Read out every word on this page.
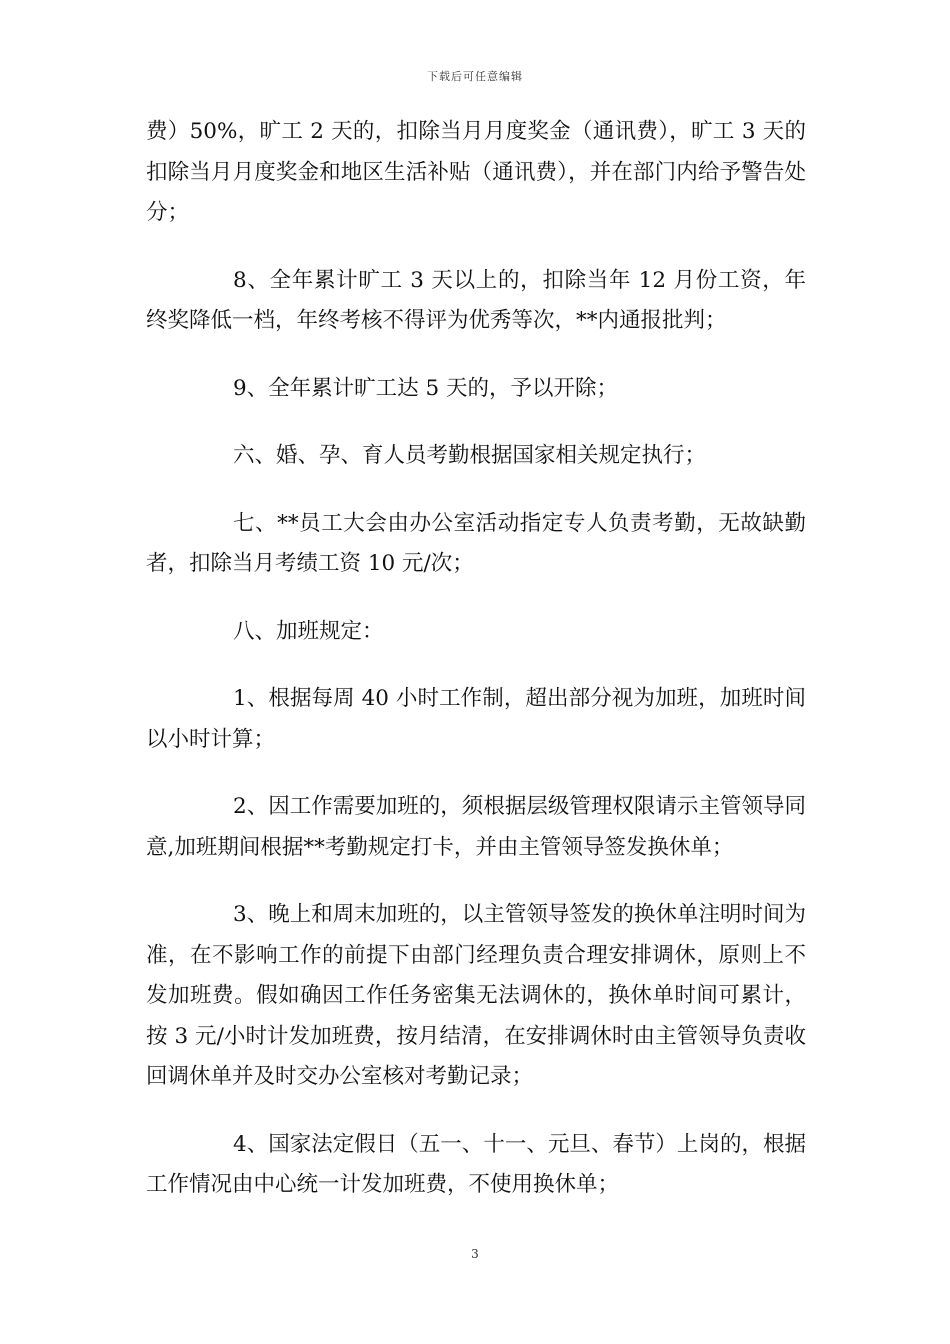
下载后可任意编辑

费）50%，旷工 2 天的，扣除当月月度奖金（通讯费），旷工 3 天的扣除当月月度奖金和地区生活补贴（通讯费），并在部门内给予警告处分；

8、全年累计旷工 3 天以上的，扣除当年 12 月份工资，年终奖降低一档，年终考核不得评为优秀等次，**内通报批判；

9、全年累计旷工达 5 天的，予以开除；

六、婚、孕、育人员考勤根据国家相关规定执行；

七、**员工大会由办公室活动指定专人负责考勤，无故缺勤者，扣除当月考绩工资 10 元/次；

八、加班规定：

1、根据每周 40 小时工作制，超出部分视为加班，加班时间以小时计算；

2、因工作需要加班的，须根据层级管理权限请示主管领导同意,加班期间根据**考勤规定打卡，并由主管领导签发换休单；

3、晚上和周末加班的，以主管领导签发的换休单注明时间为准，在不影响工作的前提下由部门经理负责合理安排调休，原则上不发加班费。假如确因工作任务密集无法调休的，换休单时间可累计，按 3 元/小时计发加班费，按月结清，在安排调休时由主管领导负责收回调休单并及时交办公室核对考勤记录；

4、国家法定假日（五一、十一、元旦、春节）上岗的，根据工作情况由中心统一计发加班费，不使用换休单；

3
